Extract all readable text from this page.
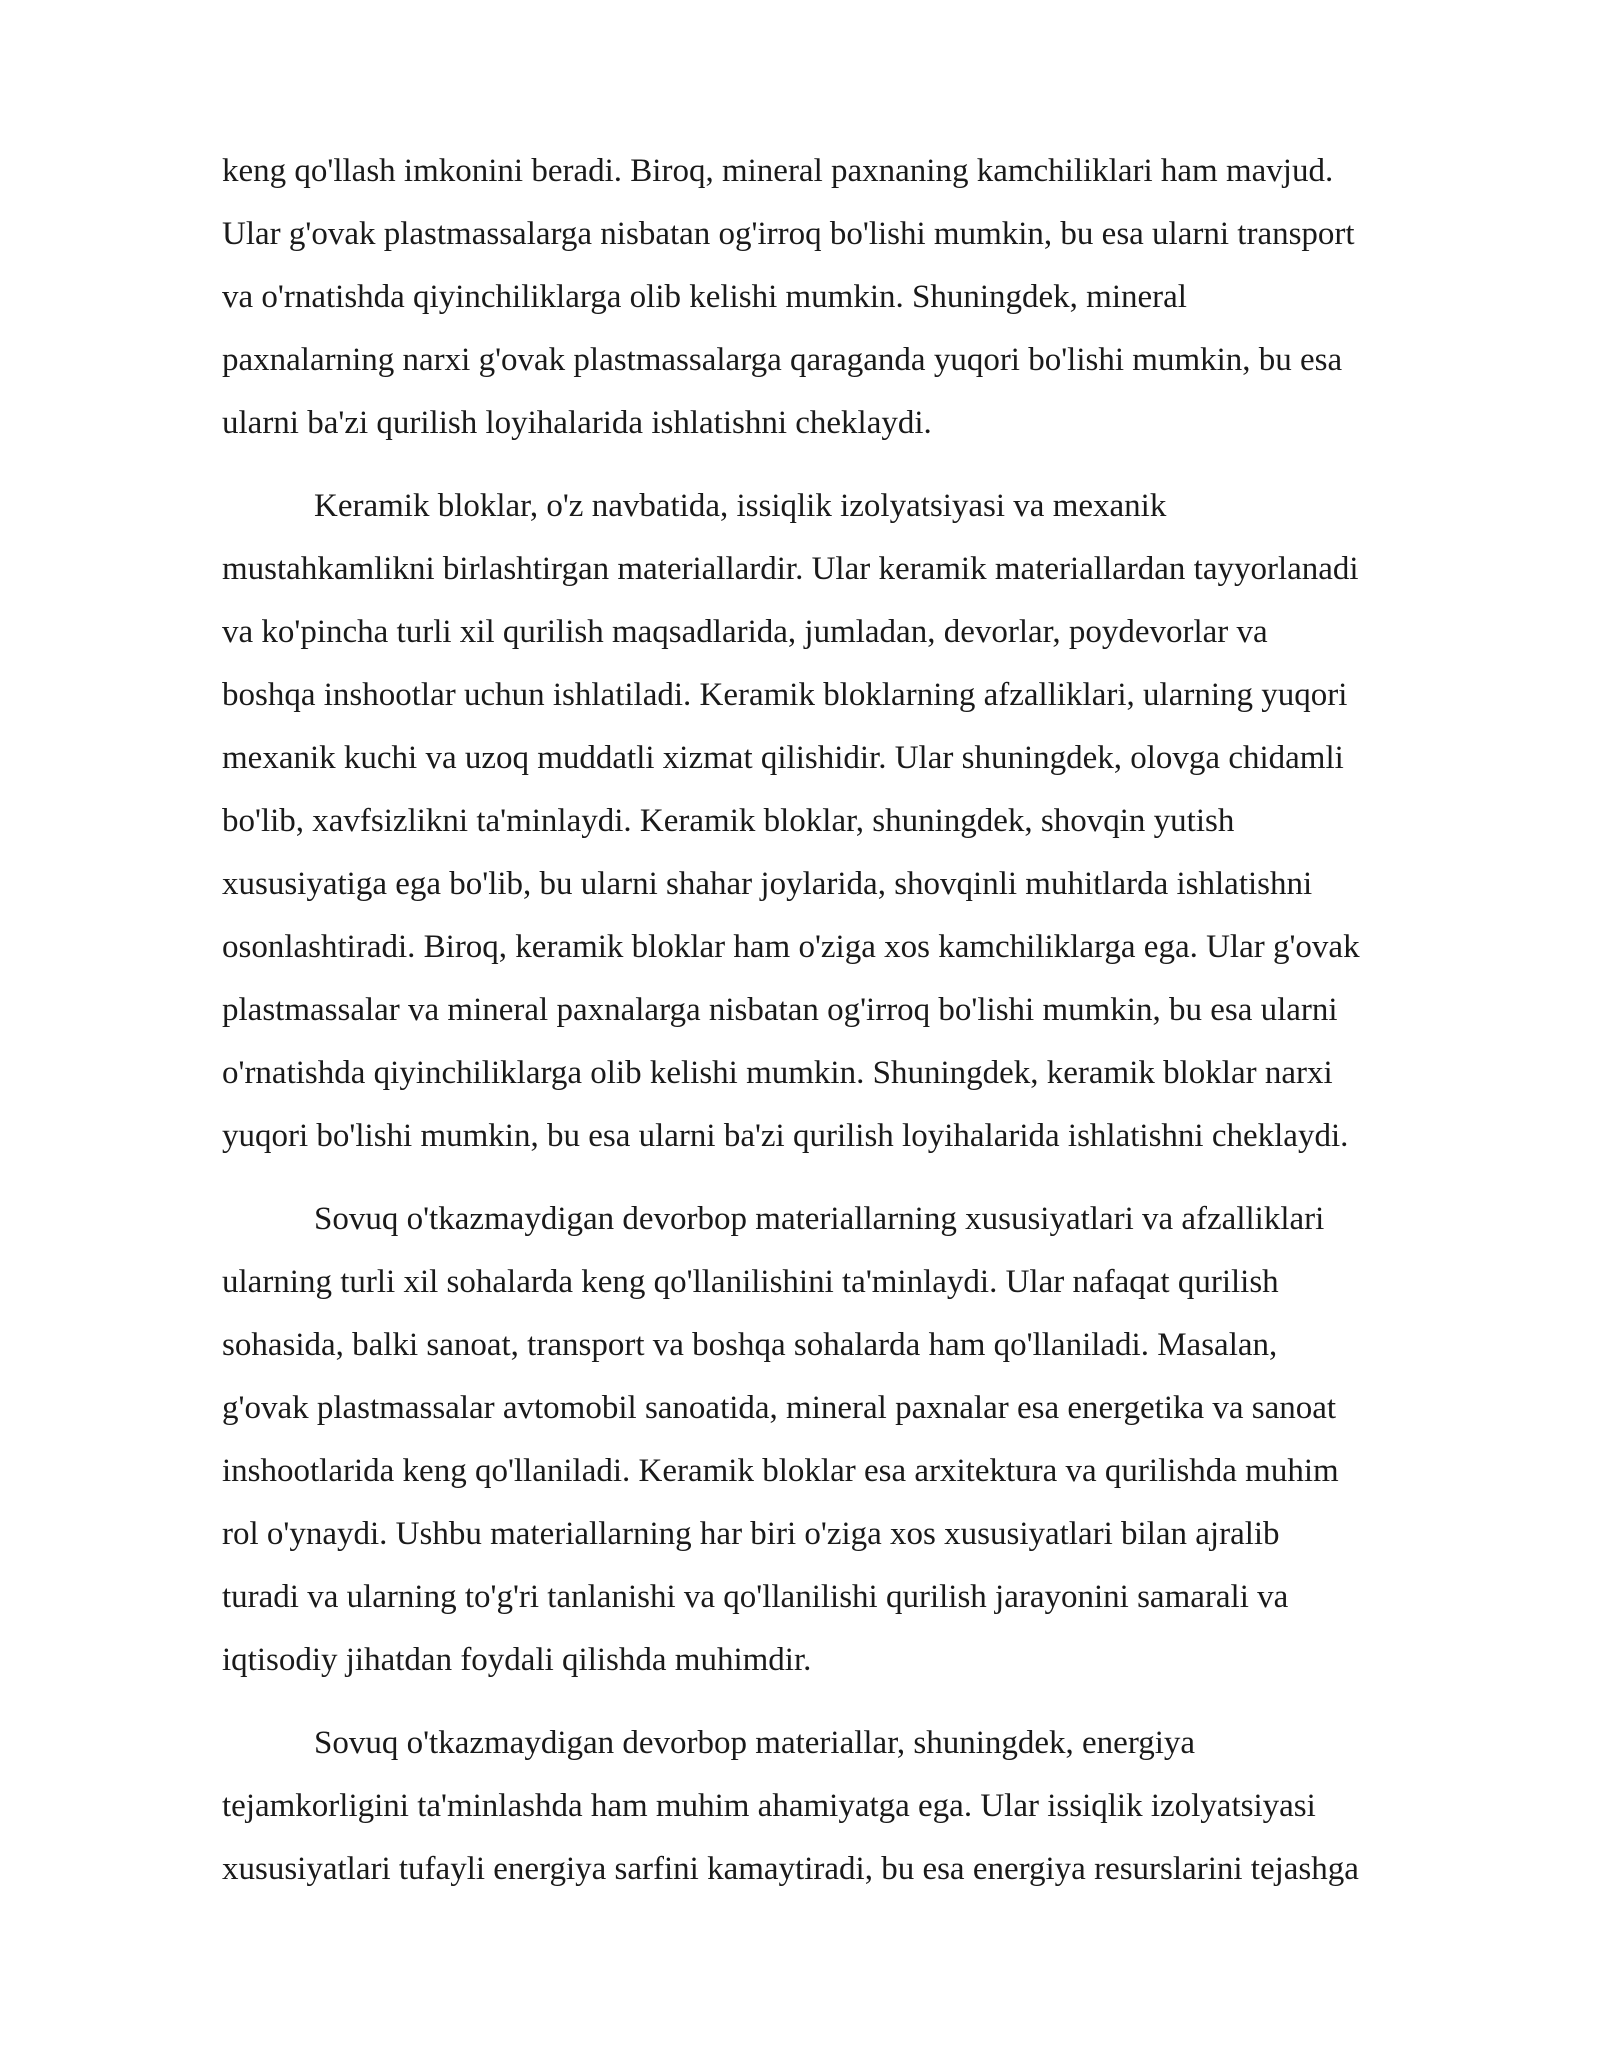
keng qo'llash imkonini beradi. Biroq, mineral paxnaning kamchiliklari ham mavjud.
Ular g'ovak plastmassalarga nisbatan og'irroq bo'lishi mumkin, bu esa ularni transport
va o'rnatishda qiyinchiliklarga olib kelishi mumkin. Shuningdek, mineral
paxnalarning narxi g'ovak plastmassalarga qaraganda yuqori bo'lishi mumkin, bu esa
ularni ba'zi qurilish loyihalarida ishlatishni cheklaydi.

Keramik bloklar, o'z navbatida, issiqlik izolyatsiyasi va mexanik
mustahkamlikni birlashtirgan materiallardir. Ular keramik materiallardan tayyorlanadi
va ko'pincha turli xil qurilish maqsadlarida, jumladan, devorlar, poydevorlar va
boshqa inshootlar uchun ishlatiladi. Keramik bloklarning afzalliklari, ularning yuqori
mexanik kuchi va uzoq muddatli xizmat qilishidir. Ular shuningdek, olovga chidamli
bo'lib, xavfsizlikni ta'minlaydi. Keramik bloklar, shuningdek, shovqin yutish
xususiyatiga ega bo'lib, bu ularni shahar joylarida, shovqinli muhitlarda ishlatishni
osonlashtiradi. Biroq, keramik bloklar ham o'ziga xos kamchiliklarga ega. Ular g'ovak
plastmassalar va mineral paxnalarga nisbatan og'irroq bo'lishi mumkin, bu esa ularni
o'rnatishda qiyinchiliklarga olib kelishi mumkin. Shuningdek, keramik bloklar narxi
yuqori bo'lishi mumkin, bu esa ularni ba'zi qurilish loyihalarida ishlatishni cheklaydi.

Sovuq o'tkazmaydigan devorbop materiallarning xususiyatlari va afzalliklari
ularning turli xil sohalarda keng qo'llanilishini ta'minlaydi. Ular nafaqat qurilish
sohasida, balki sanoat, transport va boshqa sohalarda ham qo'llaniladi. Masalan,
g'ovak plastmassalar avtomobil sanoatida, mineral paxnalar esa energetika va sanoat
inshootlarida keng qo'llaniladi. Keramik bloklar esa arxitektura va qurilishda muhim
rol o'ynaydi. Ushbu materiallarning har biri o'ziga xos xususiyatlari bilan ajralib
turadi va ularning to'g'ri tanlanishi va qo'llanilishi qurilish jarayonini samarali va
iqtisodiy jihatdan foydali qilishda muhimdir.

Sovuq o'tkazmaydigan devorbop materiallar, shuningdek, energiya
tejamkorligini ta'minlashda ham muhim ahamiyatga ega. Ular issiqlik izolyatsiyasi
xususiyatlari tufayli energiya sarfini kamaytiradi, bu esa energiya resurslarini tejashga
